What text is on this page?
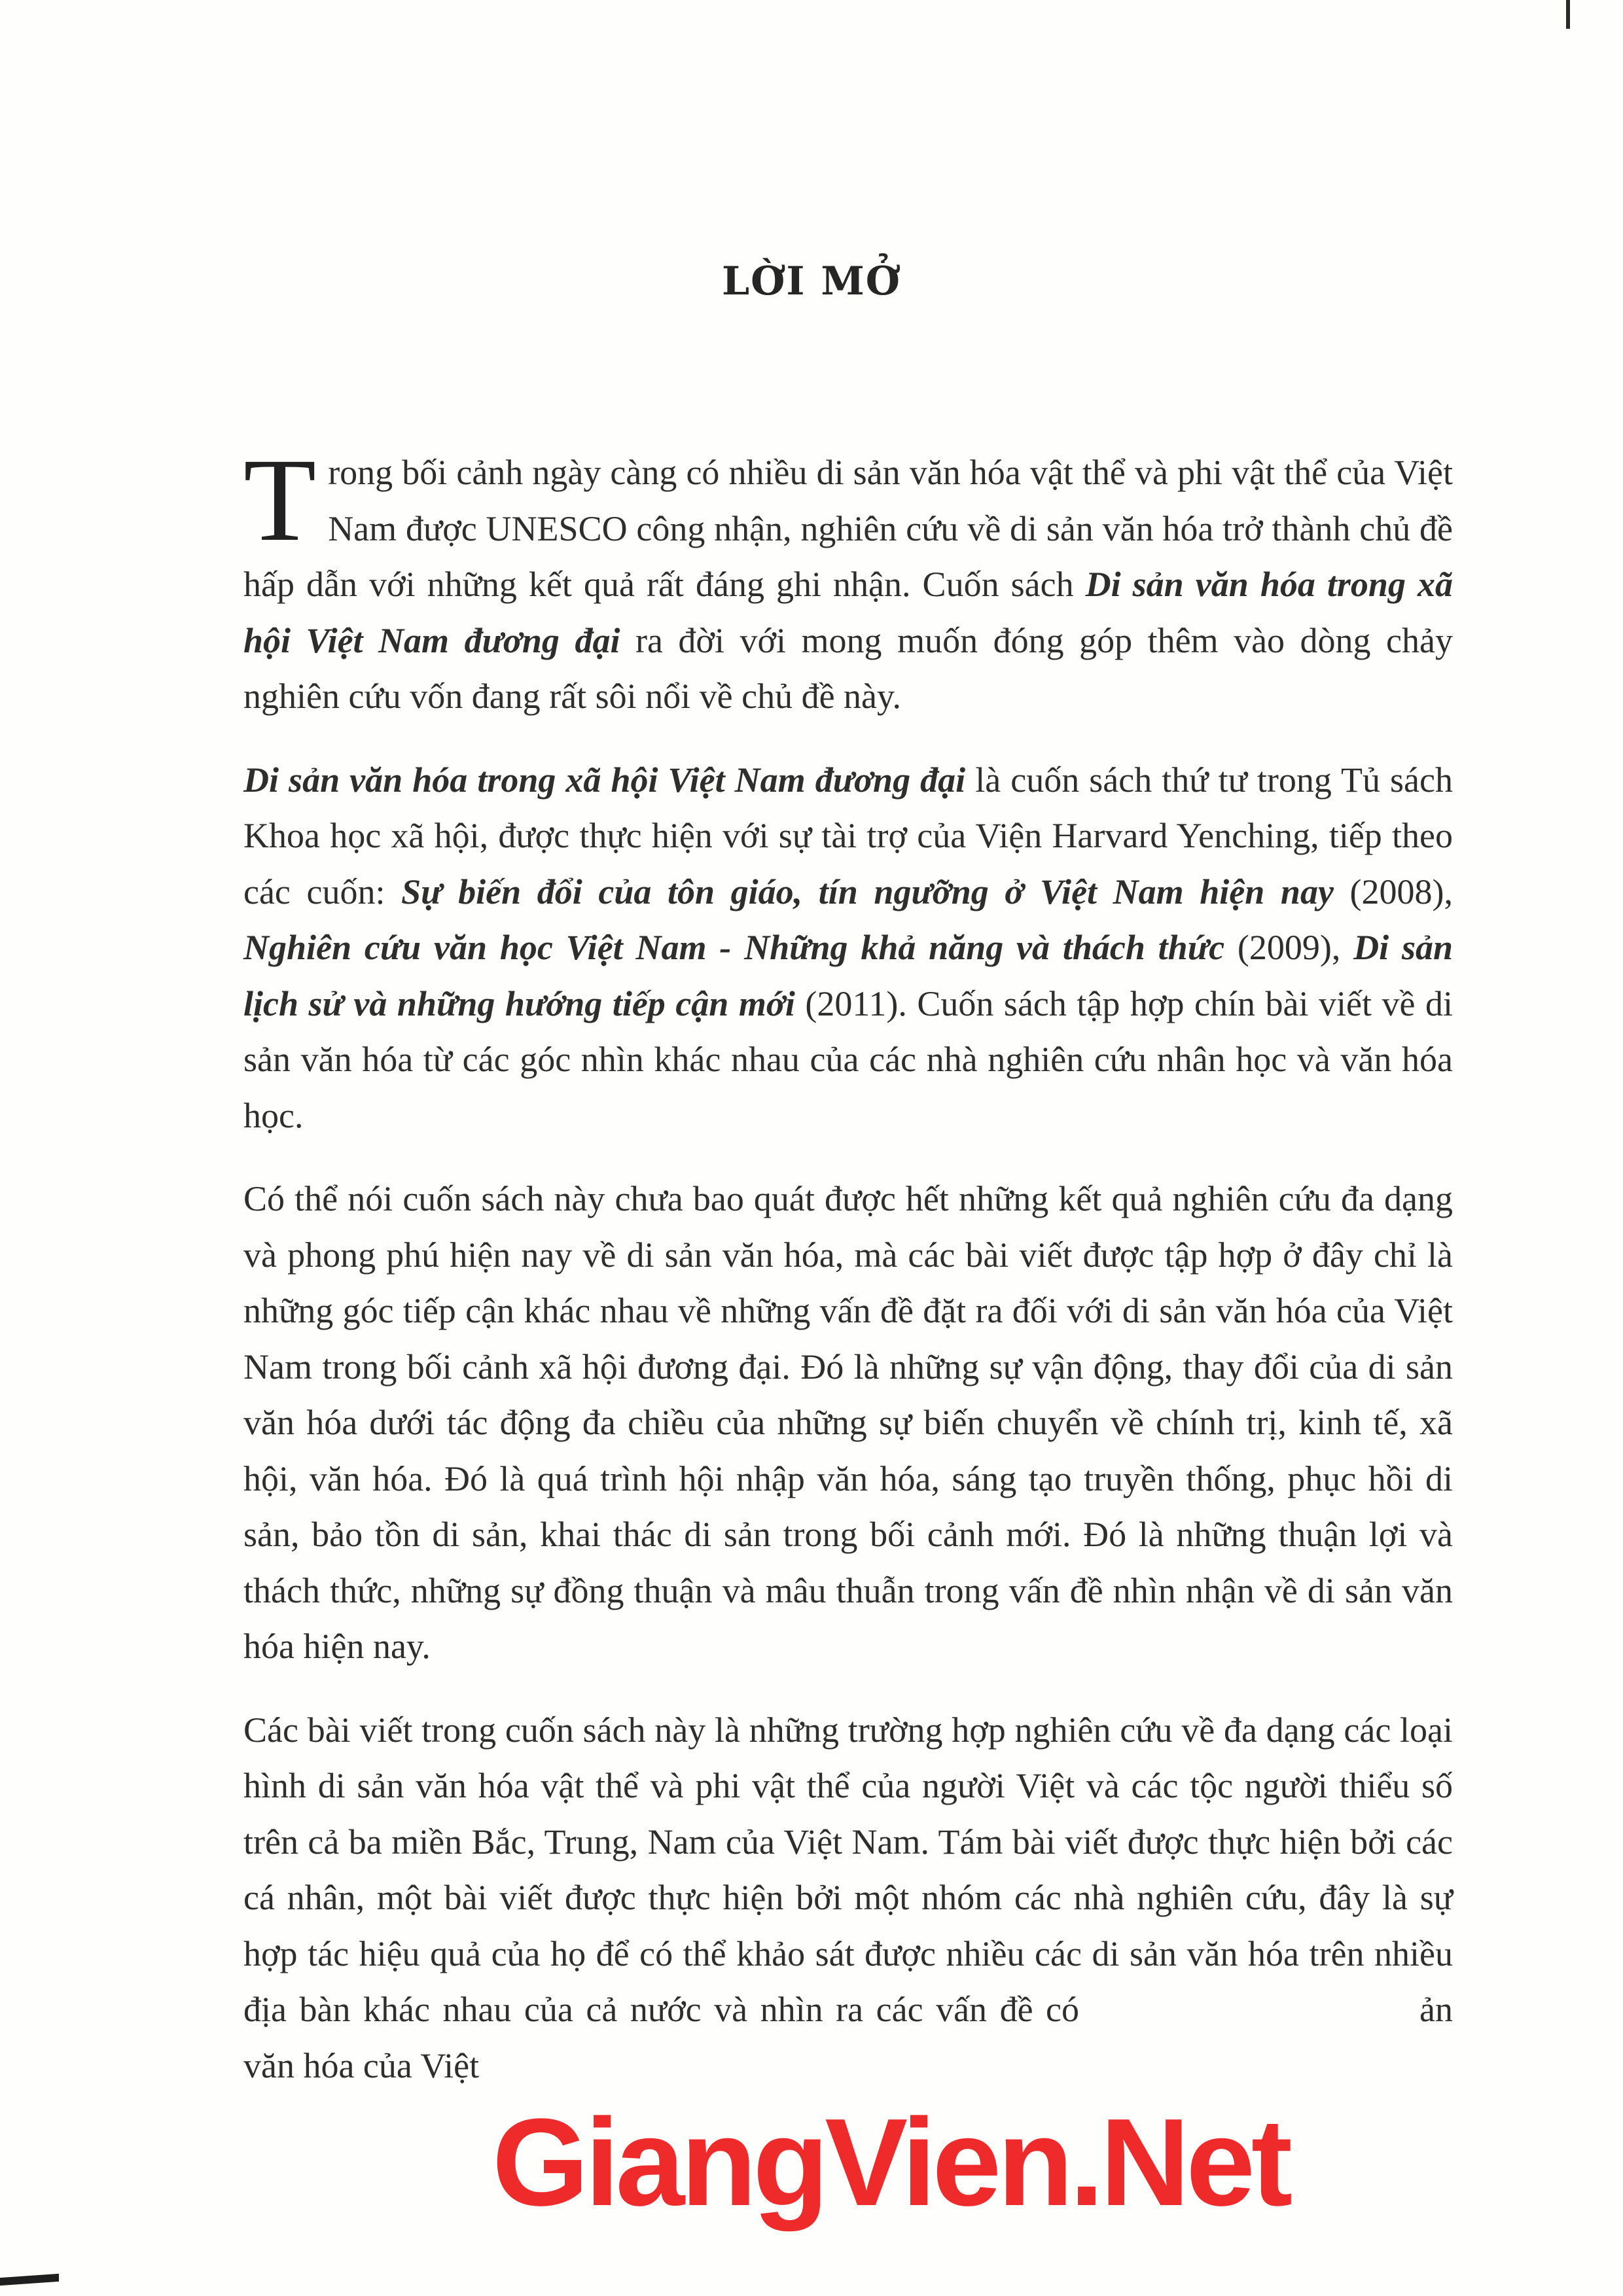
LỜI MỞ

Trong bối cảnh ngày càng có nhiều di sản văn hóa vật thể và phi vật thể của Việt Nam được UNESCO công nhận, nghiên cứu về di sản văn hóa trở thành chủ đề hấp dẫn với những kết quả rất đáng ghi nhận. Cuốn sách Di sản văn hóa trong xã hội Việt Nam đương đại ra đời với mong muốn đóng góp thêm vào dòng chảy nghiên cứu vốn đang rất sôi nổi về chủ đề này.

Di sản văn hóa trong xã hội Việt Nam đương đại là cuốn sách thứ tư trong Tủ sách Khoa học xã hội, được thực hiện với sự tài trợ của Viện Harvard Yenching, tiếp theo các cuốn: Sự biến đổi của tôn giáo, tín ngưỡng ở Việt Nam hiện nay (2008), Nghiên cứu văn học Việt Nam - Những khả năng và thách thức (2009), Di sản lịch sử và những hướng tiếp cận mới (2011). Cuốn sách tập hợp chín bài viết về di sản văn hóa từ các góc nhìn khác nhau của các nhà nghiên cứu nhân học và văn hóa học.

Có thể nói cuốn sách này chưa bao quát được hết những kết quả nghiên cứu đa dạng và phong phú hiện nay về di sản văn hóa, mà các bài viết được tập hợp ở đây chỉ là những góc tiếp cận khác nhau về những vấn đề đặt ra đối với di sản văn hóa của Việt Nam trong bối cảnh xã hội đương đại. Đó là những sự vận động, thay đổi của di sản văn hóa dưới tác động đa chiều của những sự biến chuyển về chính trị, kinh tế, xã hội, văn hóa. Đó là quá trình hội nhập văn hóa, sáng tạo truyền thống, phục hồi di sản, bảo tồn di sản, khai thác di sản trong bối cảnh mới. Đó là những thuận lợi và thách thức, những sự đồng thuận và mâu thuẫn trong vấn đề nhìn nhận về di sản văn hóa hiện nay.

Các bài viết trong cuốn sách này là những trường hợp nghiên cứu về đa dạng các loại hình di sản văn hóa vật thể và phi vật thể của người Việt và các tộc người thiểu số trên cả ba miền Bắc, Trung, Nam của Việt Nam. Tám bài viết được thực hiện bởi các cá nhân, một bài viết được thực hiện bởi một nhóm các nhà nghiên cứu, đây là sự hợp tác hiệu quả của họ để có thể khảo sát được nhiều các di sản văn hóa trên nhiều địa bàn khác nhau của cả nước và nhìn ra các vấn đề có	ản văn hóa của Việt

GiangVien.Net
